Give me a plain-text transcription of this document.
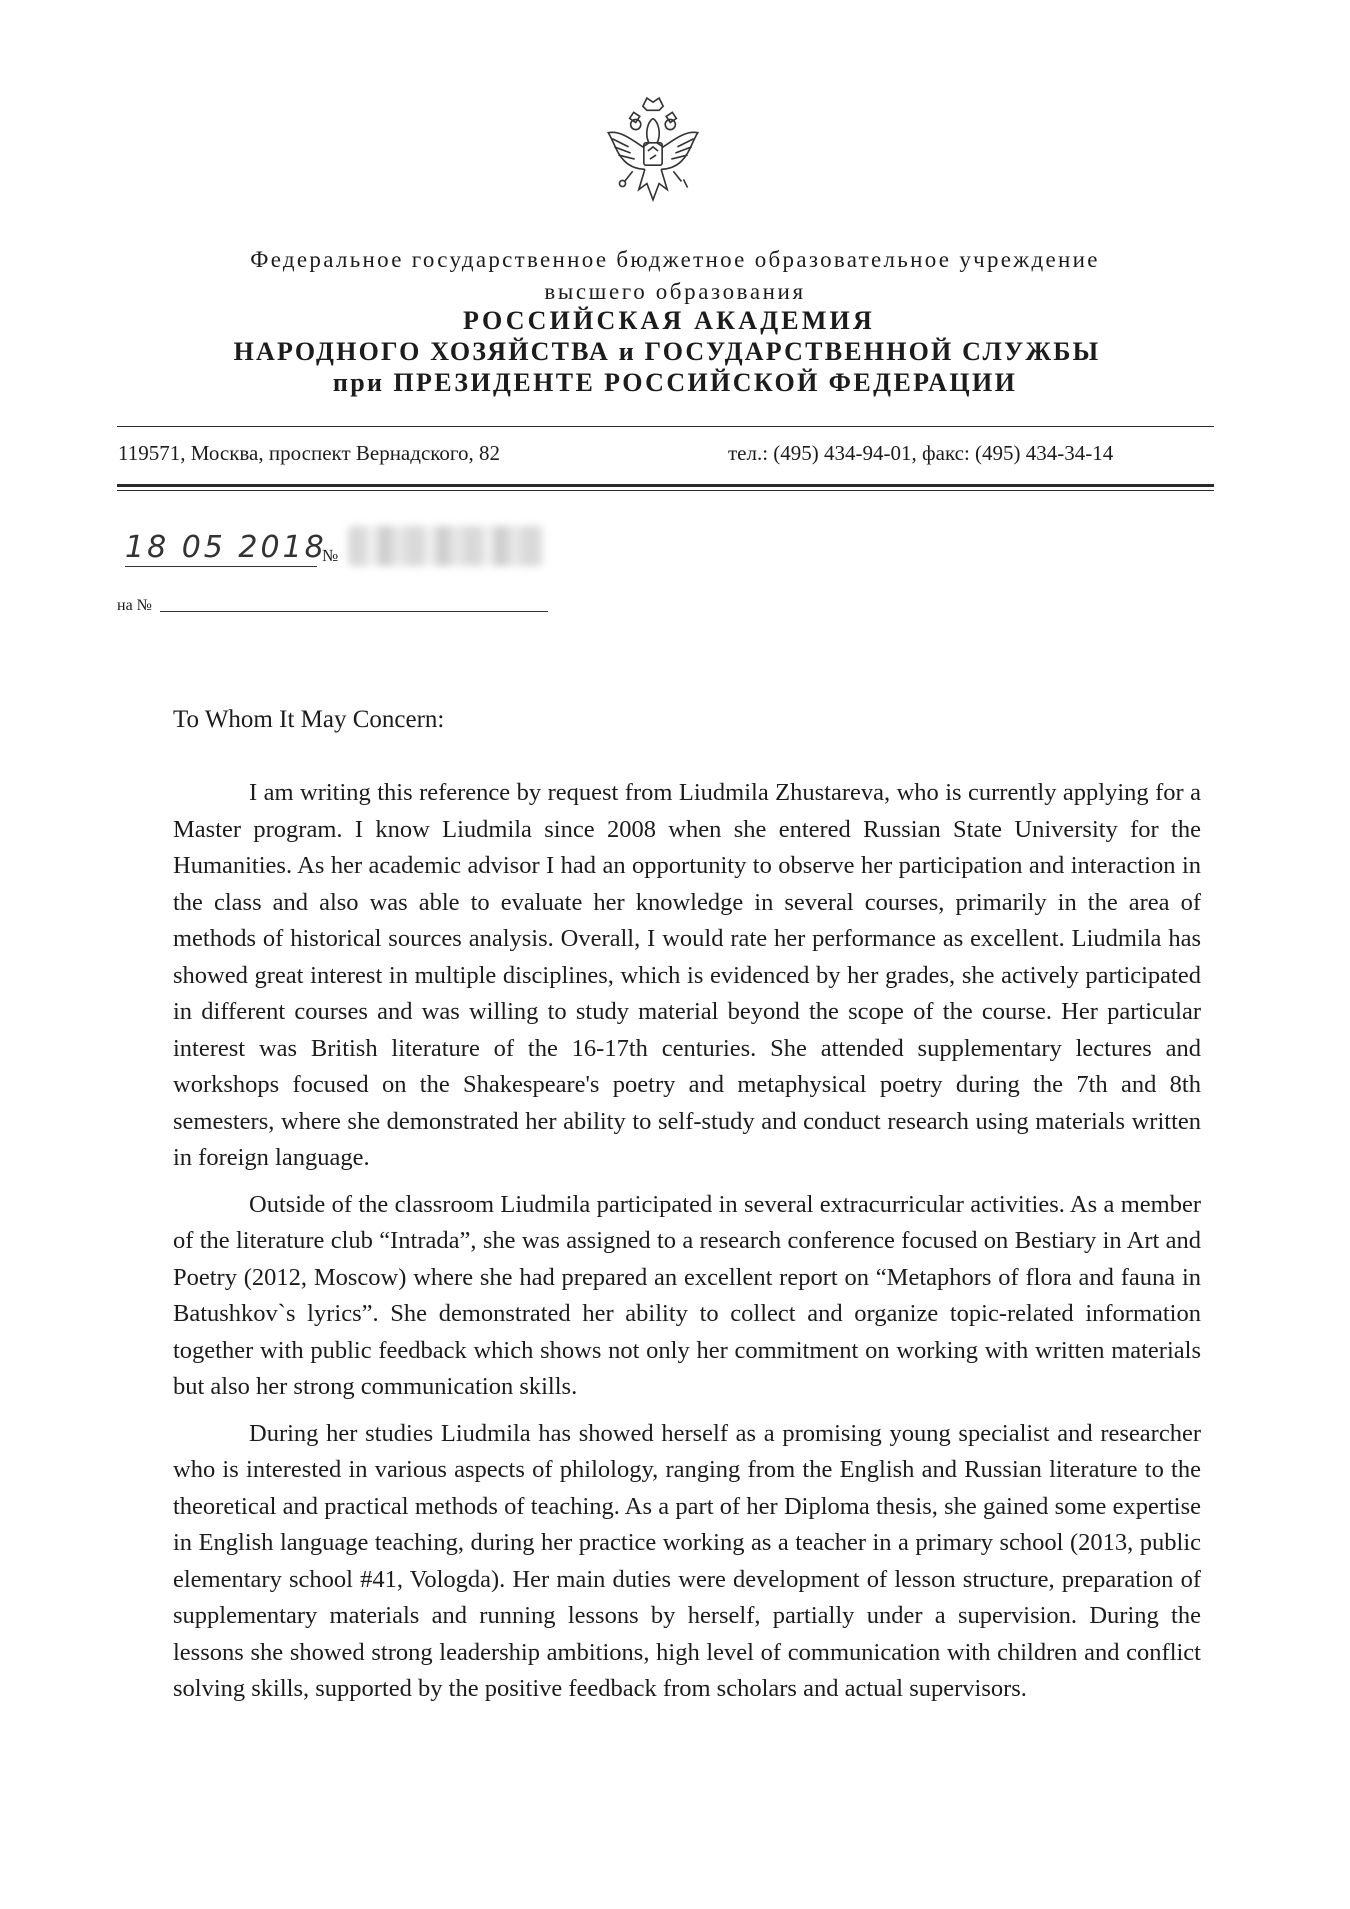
Федеральное государственное бюджетное образовательное учреждение
высшего образования
РОССИЙСКАЯ АКАДЕМИЯ
НАРОДНОГО ХОЗЯЙСТВА и ГОСУДАРСТВЕННОЙ СЛУЖБЫ
при ПРЕЗИДЕНТЕ РОССИЙСКОЙ ФЕДЕРАЦИИ
119571, Москва, проспект Вернадского, 82	тел.: (495) 434-94-01, факс: (495) 434-34-14
18 05 2018
№
на №
To Whom It May Concern:

I am writing this reference by request from Liudmila Zhustareva, who is currently applying for a Master program. I know Liudmila since 2008 when she entered Russian State University for the Humanities. As her academic advisor I had an opportunity to observe her participation and interaction in the class and also was able to evaluate her knowledge in several courses, primarily in the area of methods of historical sources analysis. Overall, I would rate her performance as excellent. Liudmila has showed great interest in multiple disciplines, which is evidenced by her grades, she actively participated in different courses and was willing to study material beyond the scope of the course. Her particular interest was British literature of the 16-17th centuries. She attended supplementary lectures and workshops focused on the Shakespeare's poetry and metaphysical poetry during the 7th and 8th semesters, where she demonstrated her ability to self-study and conduct research using materials written in foreign language.

Outside of the classroom Liudmila participated in several extracurricular activities. As a member of the literature club “Intrada”, she was assigned to a research conference focused on Bestiary in Art and Poetry (2012, Moscow) where she had prepared an excellent report on “Metaphors of flora and fauna in Batushkov`s lyrics”. She demonstrated her ability to collect and organize topic-related information together with public feedback which shows not only her commitment on working with written materials but also her strong communication skills.

During her studies Liudmila has showed herself as a promising young specialist and researcher who is interested in various aspects of philology, ranging from the English and Russian literature to the theoretical and practical methods of teaching. As a part of her Diploma thesis, she gained some expertise in English language teaching, during her practice working as a teacher in a primary school (2013, public elementary school #41, Vologda). Her main duties were development of lesson structure, preparation of supplementary materials and running lessons by herself, partially under a supervision. During the lessons she showed strong leadership ambitions, high level of communication with children and conflict solving skills, supported by the positive feedback from scholars and actual supervisors.
